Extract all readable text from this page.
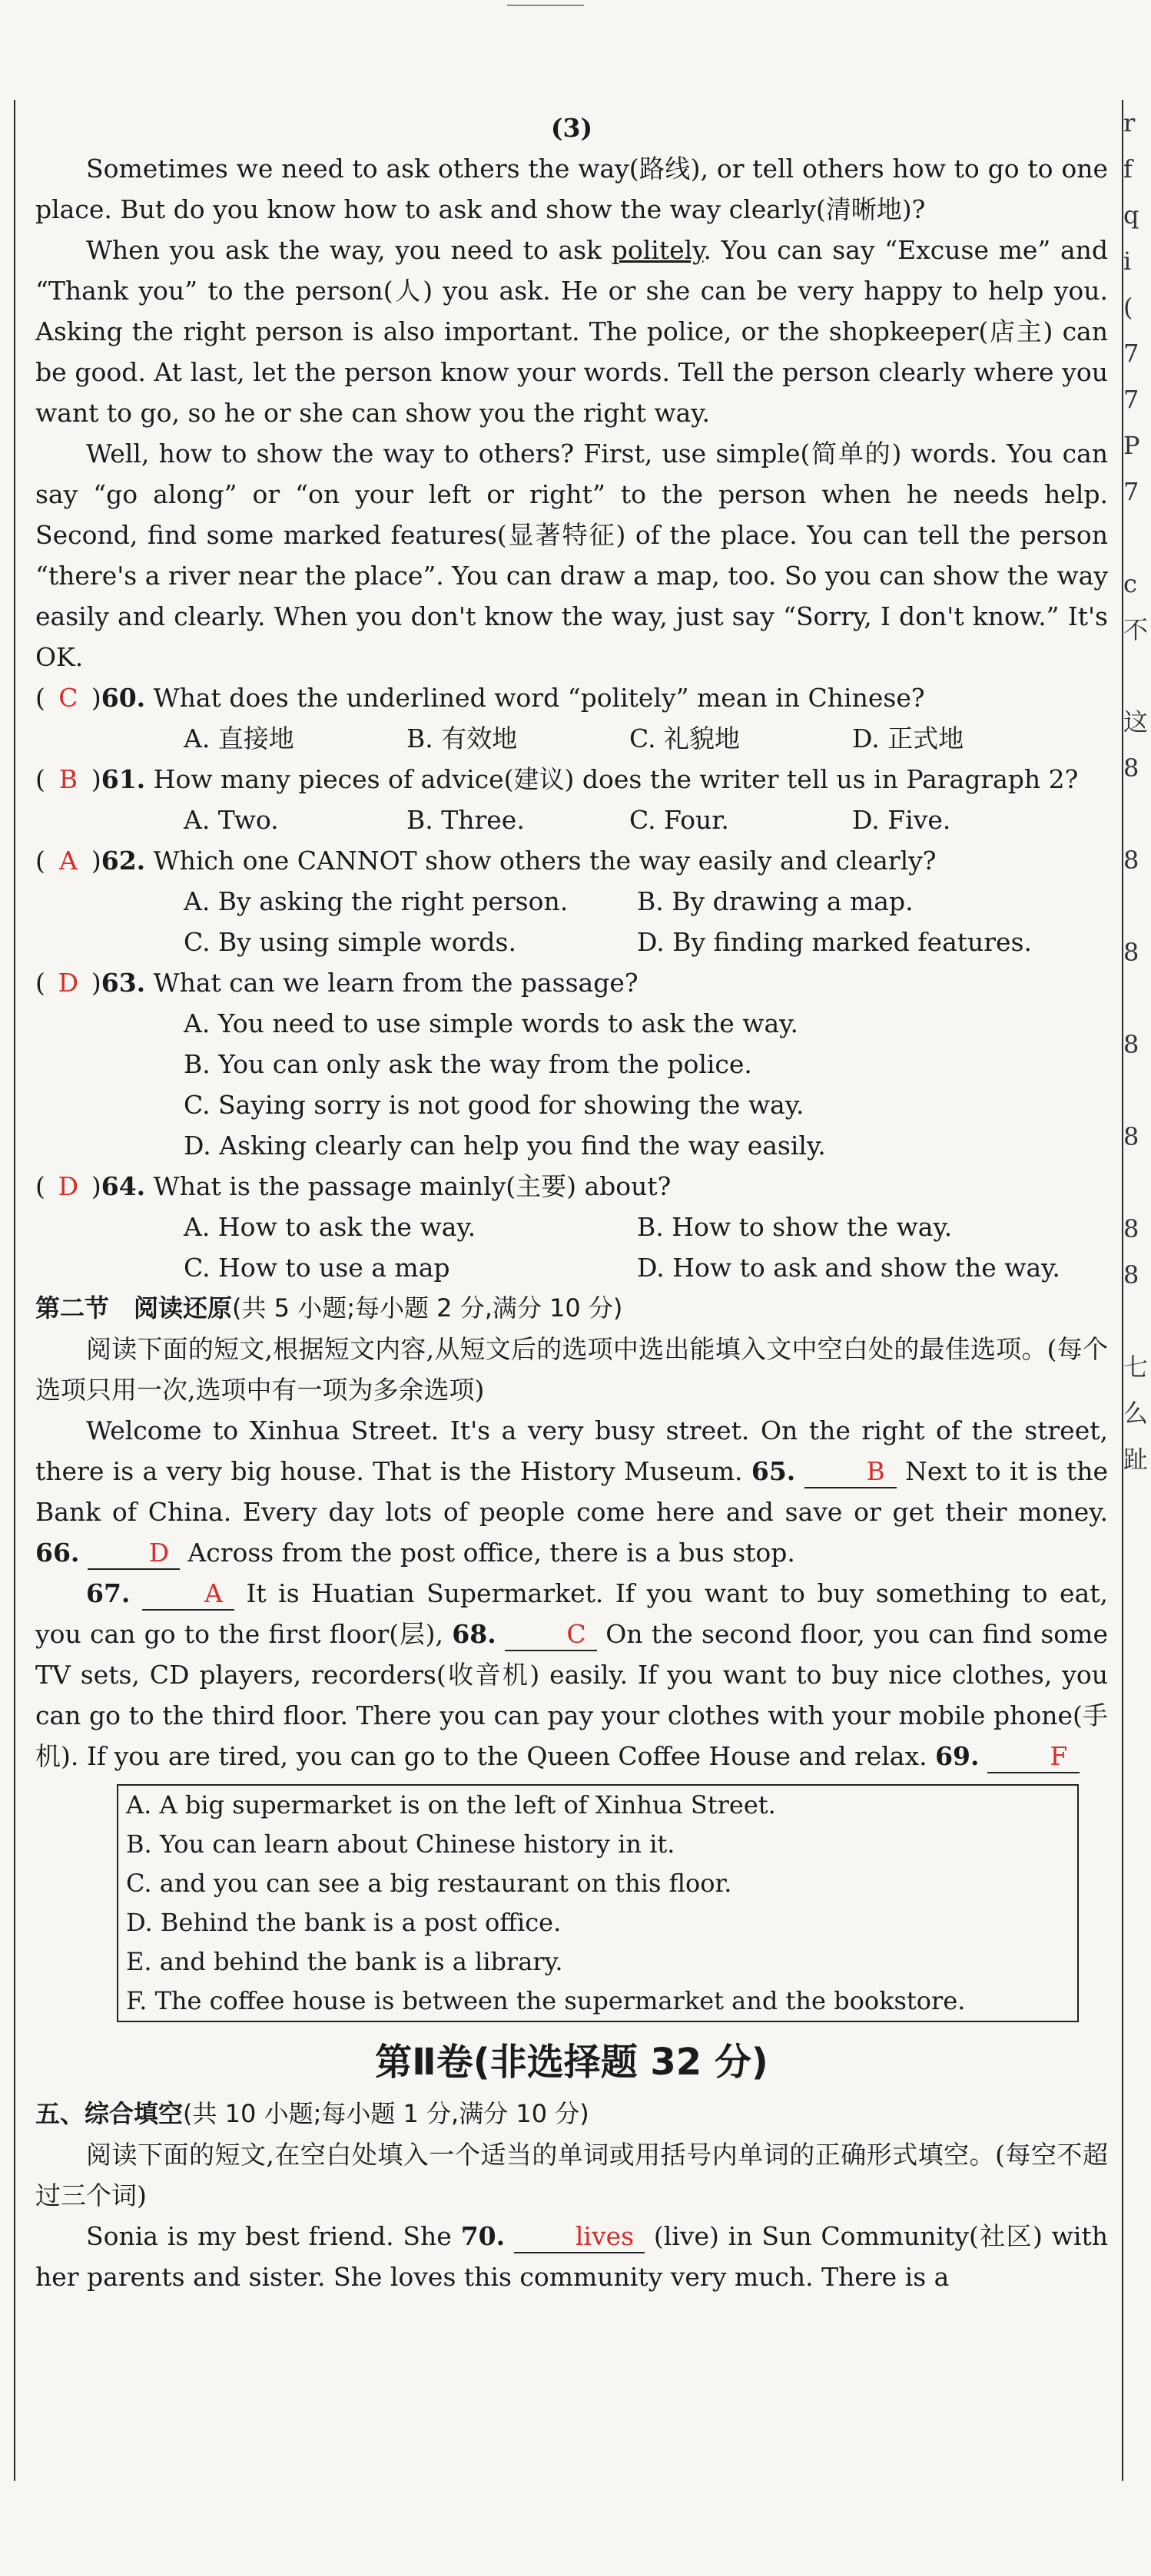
(3)

Sometimes we need to ask others the way(路线), or tell others how to go to one place. But do you know how to ask and show the way clearly(清晰地)?

When you ask the way, you need to ask politely. You can say “Excuse me” and “Thank you” to the person(人) you ask. He or she can be very happy to help you. Asking the right person is also important. The police, or the shopkeeper(店主) can be good. At last, let the person know your words. Tell the person clearly where you want to go, so he or she can show you the right way.

Well, how to show the way to others? First, use simple(简单的) words. You can say “go along” or “on your left or right” to the person when he needs help. Second, find some marked features(显著特征) of the place. You can tell the person “there's a river near the place”. You can draw a map, too. So you can show the way easily and clearly. When you don't know the way, just say “Sorry, I don't know.” It's OK.

( C )60. What does the underlined word “politely” mean in Chinese?

A. 直接地	B. 有效地	C. 礼貌地	D. 正式地

( B )61. How many pieces of advice(建议) does the writer tell us in Paragraph 2?

A. Two.	B. Three.	C. Four.	D. Five.

( A )62. Which one CANNOT show others the way easily and clearly?

A. By asking the right person.	B. By drawing a map.
C. By using simple words.	D. By finding marked features.

( D )63. What can we learn from the passage?

A. You need to use simple words to ask the way.
B. You can only ask the way from the police.
C. Saying sorry is not good for showing the way.
D. Asking clearly can help you find the way easily.

( D )64. What is the passage mainly(主要) about?

A. How to ask the way.	B. How to show the way.
C. How to use a map	D. How to ask and show the way.

第二节　阅读还原(共 5 小题;每小题 2 分,满分 10 分)

阅读下面的短文,根据短文内容,从短文后的选项中选出能填入文中空白处的最佳选项。(每个选项只用一次,选项中有一项为多余选项)

Welcome to Xinhua Street. It's a very busy street. On the right of the street, there is a very big house. That is the History Museum. 65.	B Next to it is the Bank of China. Every day lots of people come here and save or get their money. 66.	D Across from the post office, there is a bus stop.

67.	A It is Huatian Supermarket. If you want to buy something to eat, you can go to the first floor(层), 68.	C On the second floor, you can find some TV sets, CD players, recorders(收音机) easily. If you want to buy nice clothes, you can go to the third floor. There you can pay your clothes with your mobile phone(手机). If you are tired, you can go to the Queen Coffee House and relax. 69.	F

A. A big supermarket is on the left of Xinhua Street.
B. You can learn about Chinese history in it.
C. and you can see a big restaurant on this floor.
D. Behind the bank is a post office.
E. and behind the bank is a library.
F. The coffee house is between the supermarket and the bookstore.
第Ⅱ卷(非选择题 32 分)

五、综合填空(共 10 小题;每小题 1 分,满分 10 分)

阅读下面的短文,在空白处填入一个适当的单词或用括号内单词的正确形式填空。(每空不超过三个词)

Sonia is my best friend. She 70.	lives (live) in Sun Community(社区) with her parents and sister. She loves this community very much. There is a

r
f
q
i
(
7
7
P
7
c
不
这
8
8
8
8
8
8
8
七
么
趾
